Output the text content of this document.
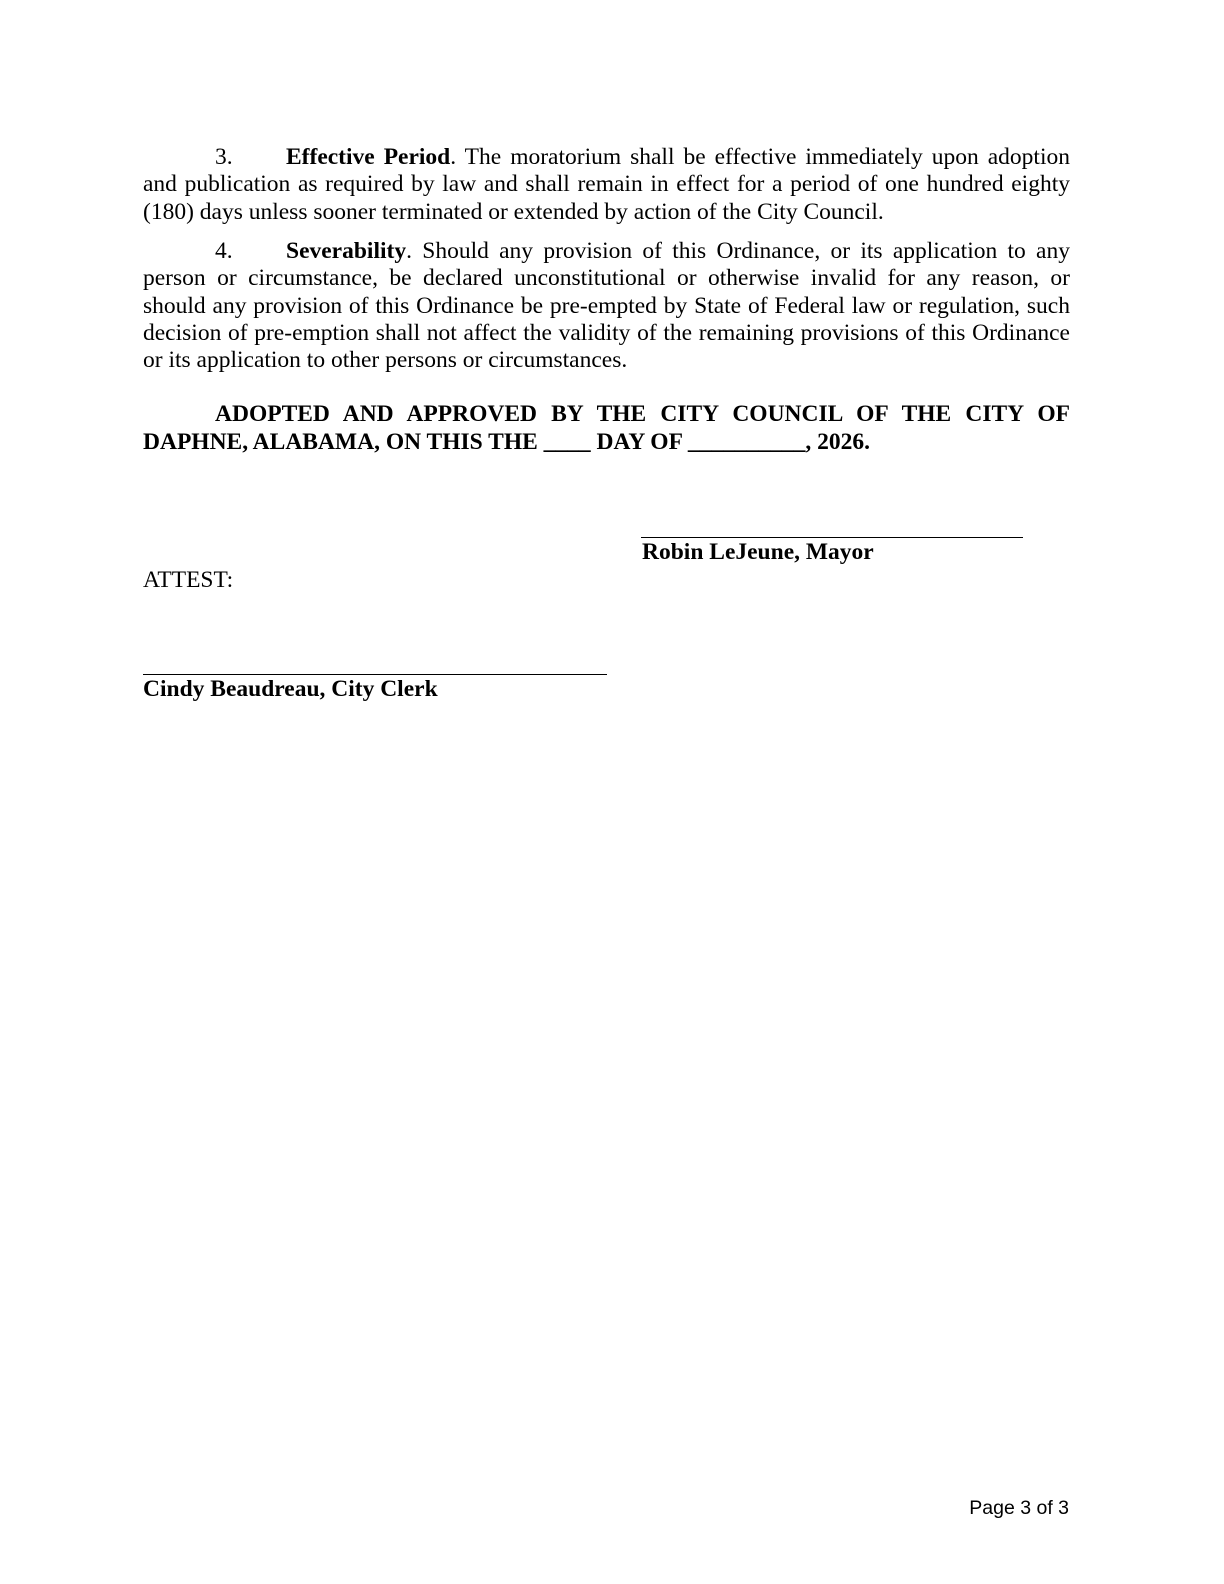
3. Effective Period. The moratorium shall be effective immediately upon adoption and publication as required by law and shall remain in effect for a period of one hundred eighty (180) days unless sooner terminated or extended by action of the City Council.

4. Severability. Should any provision of this Ordinance, or its application to any person or circumstance, be declared unconstitutional or otherwise invalid for any reason, or should any provision of this Ordinance be pre-empted by State of Federal law or regulation, such decision of pre-emption shall not affect the validity of the remaining provisions of this Ordinance or its application to other persons or circumstances.

ADOPTED AND APPROVED BY THE CITY COUNCIL OF THE CITY OF DAPHNE, ALABAMA, ON THIS THE ____ DAY OF __________, 2026.

Robin LeJeune, Mayor
ATTEST:
Cindy Beaudreau, City Clerk
Page 3 of 3
